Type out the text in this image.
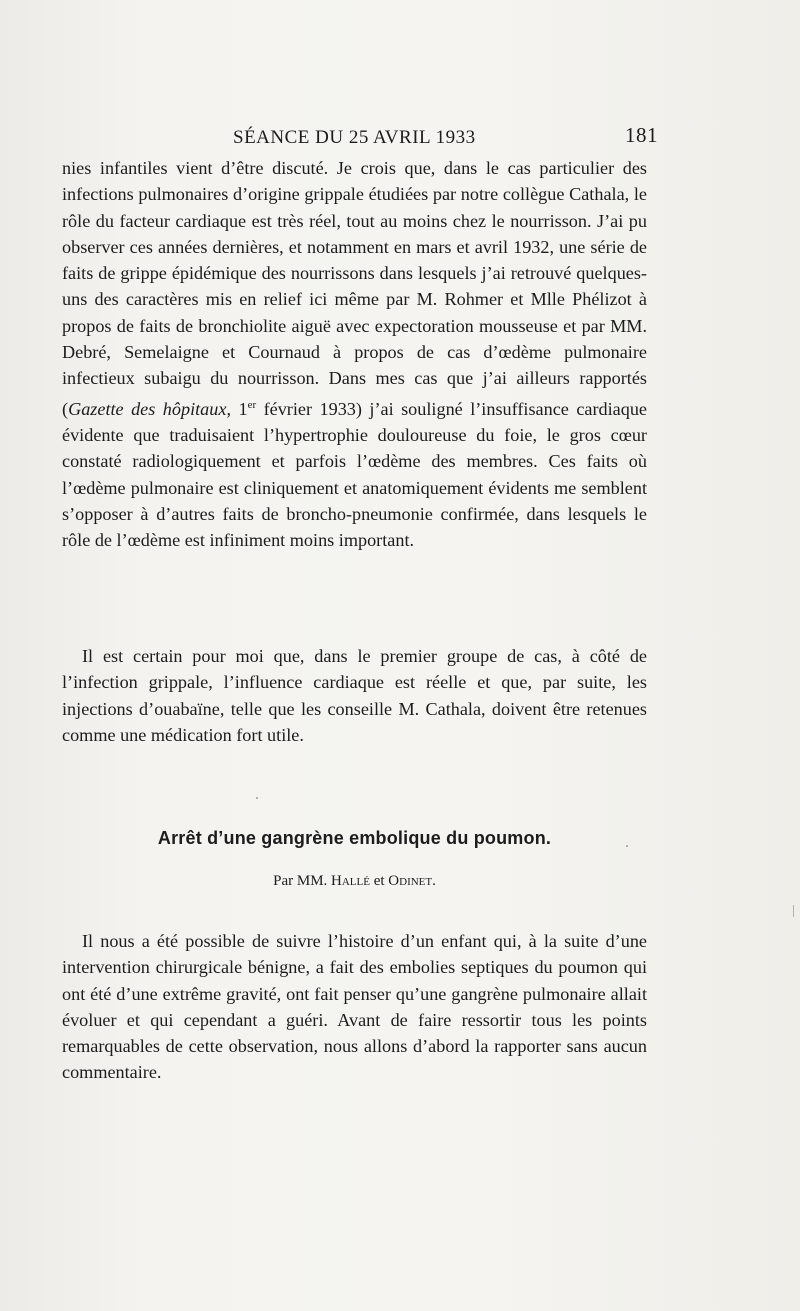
SÉANCE DU 25 AVRIL 1933	181

nies infantiles vient d’être discuté. Je crois que, dans le cas particulier des infections pulmonaires d’origine grippale étudiées par notre collègue Cathala, le rôle du facteur cardiaque est très réel, tout au moins chez le nourrisson. J’ai pu observer ces années dernières, et notamment en mars et avril 1932, une série de faits de grippe épidémique des nourrissons dans lesquels j’ai retrouvé quelques-uns des caractères mis en relief ici même par M. Rohmer et Mlle Phélizot à propos de faits de bronchiolite aiguë avec expectoration mousseuse et par MM. Debré, Semelaigne et Cournaud à propos de cas d’œdème pulmonaire infectieux subaigu du nourrisson. Dans mes cas que j’ai ailleurs rapportés (Gazette des hôpitaux, 1er février 1933) j’ai souligné l’insuffisance cardiaque évidente que traduisaient l’hypertrophie douloureuse du foie, le gros cœur constaté radiologiquement et parfois l’œdème des membres. Ces faits où l’œdème pulmonaire est cliniquement et anatomiquement évidents me semblent s’opposer à d’autres faits de broncho-pneumonie confirmée, dans lesquels le rôle de l’œdème est infiniment moins important.

Il est certain pour moi que, dans le premier groupe de cas, à côté de l’infection grippale, l’influence cardiaque est réelle et que, par suite, les injections d’ouabaïne, telle que les conseille M. Cathala, doivent être retenues comme une médication fort utile.

Arrêt d’une gangrène embolique du poumon.

Par MM. Hallé et Odinet.

Il nous a été possible de suivre l’histoire d’un enfant qui, à la suite d’une intervention chirurgicale bénigne, a fait des embolies septiques du poumon qui ont été d’une extrême gravité, ont fait penser qu’une gangrène pulmonaire allait évoluer et qui cependant a guéri. Avant de faire ressortir tous les points remarquables de cette observation, nous allons d’abord la rapporter sans aucun commentaire.
